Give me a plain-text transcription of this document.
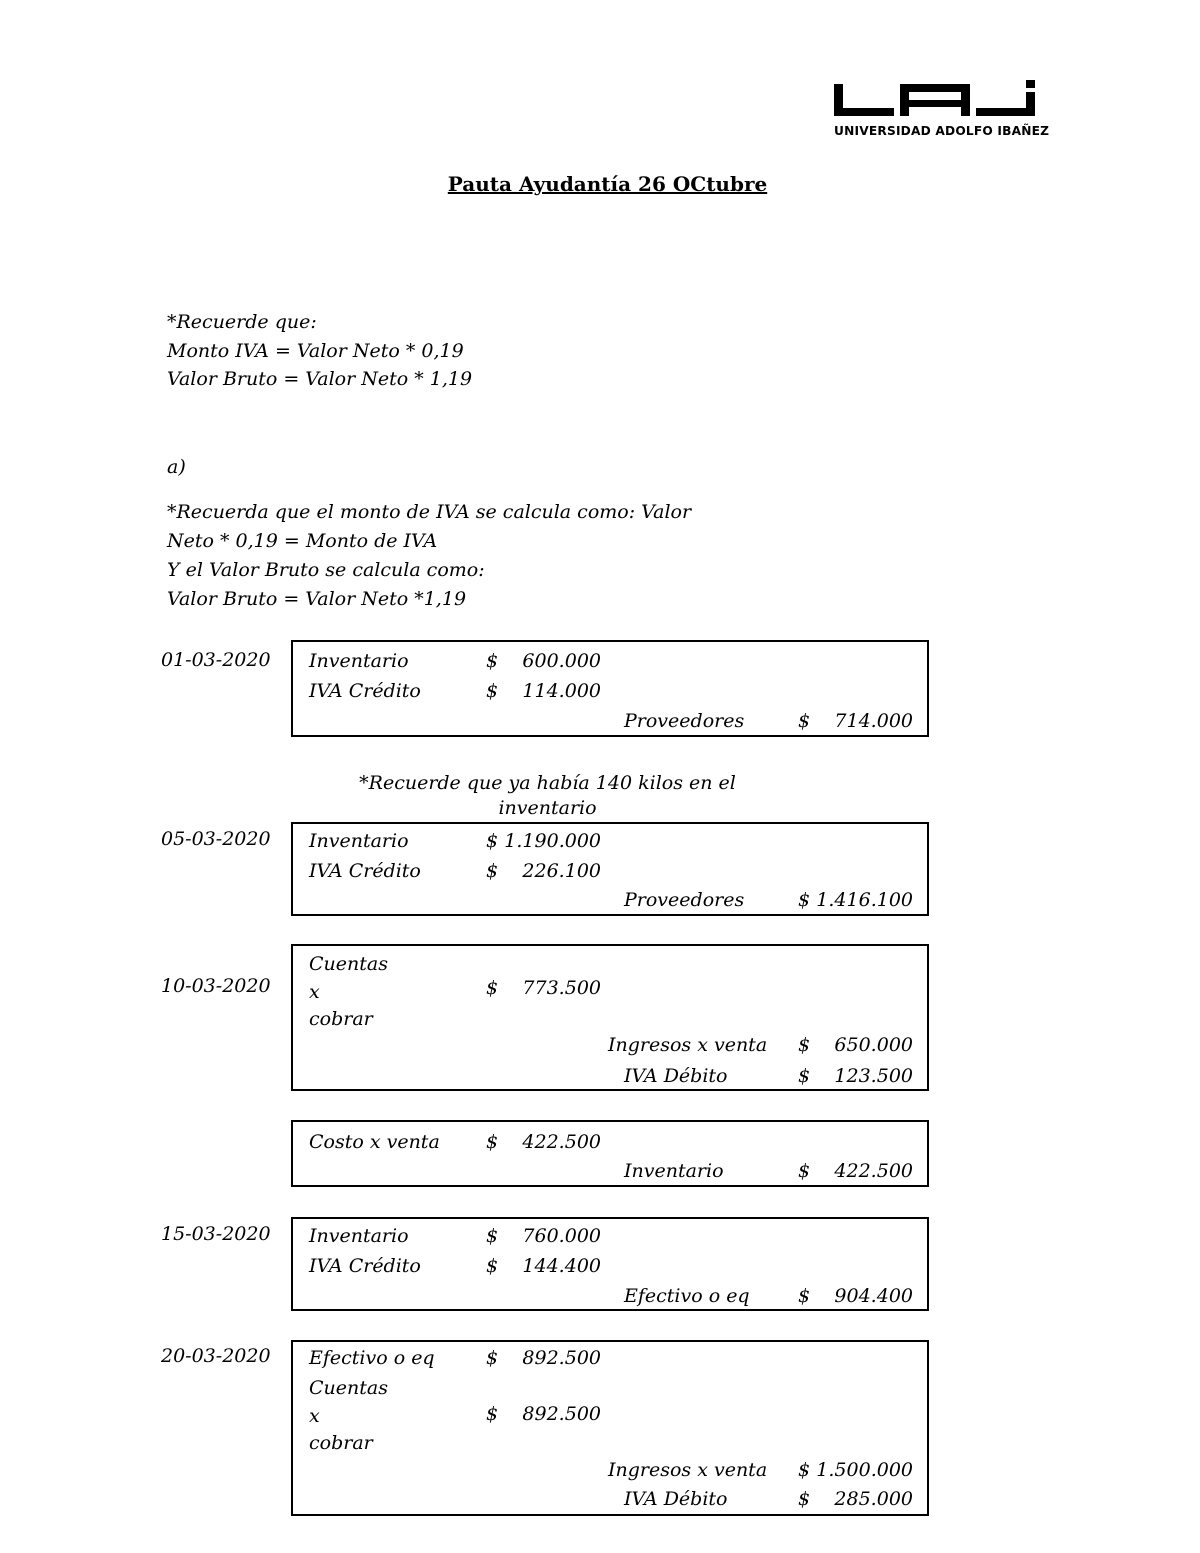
UNIVERSIDAD ADOLFO IBAÑEZ
Pauta Ayudantía 26 OCtubre
*Recuerde que:
Monto IVA = Valor Neto * 0,19
Valor Bruto = Valor Neto * 1,19
a)
*Recuerda que el monto de IVA se calcula como: Valor
Neto * 0,19 = Monto de IVA
Y el Valor Bruto se calcula como:
Valor Bruto = Valor Neto *1,19
01-03-2020 Inventario	$	600.000
IVA Crédito	$	114.000
Proveedores	$	714.000
*Recuerde que ya había 140 kilos en el
inventario
05-03-2020 Inventario	$ 1.190.000
IVA Crédito	$	226.100
Proveedores	$ 1.416.100
10-03-2020
Cuentas
x
cobrar
$	773.500
Ingresos x venta $	650.000
IVA Débito	$	123.500
Costo x venta $	422.500
Inventario	$	422.500
15-03-2020 Inventario	$	760.000
IVA Crédito	$	144.400
Efectivo o eq	$	904.400
20-03-2020 Efectivo o eq	$	892.500
Cuentas
x
cobrar
$	892.500
Ingresos x venta $ 1.500.000
IVA Débito	$	285.000
